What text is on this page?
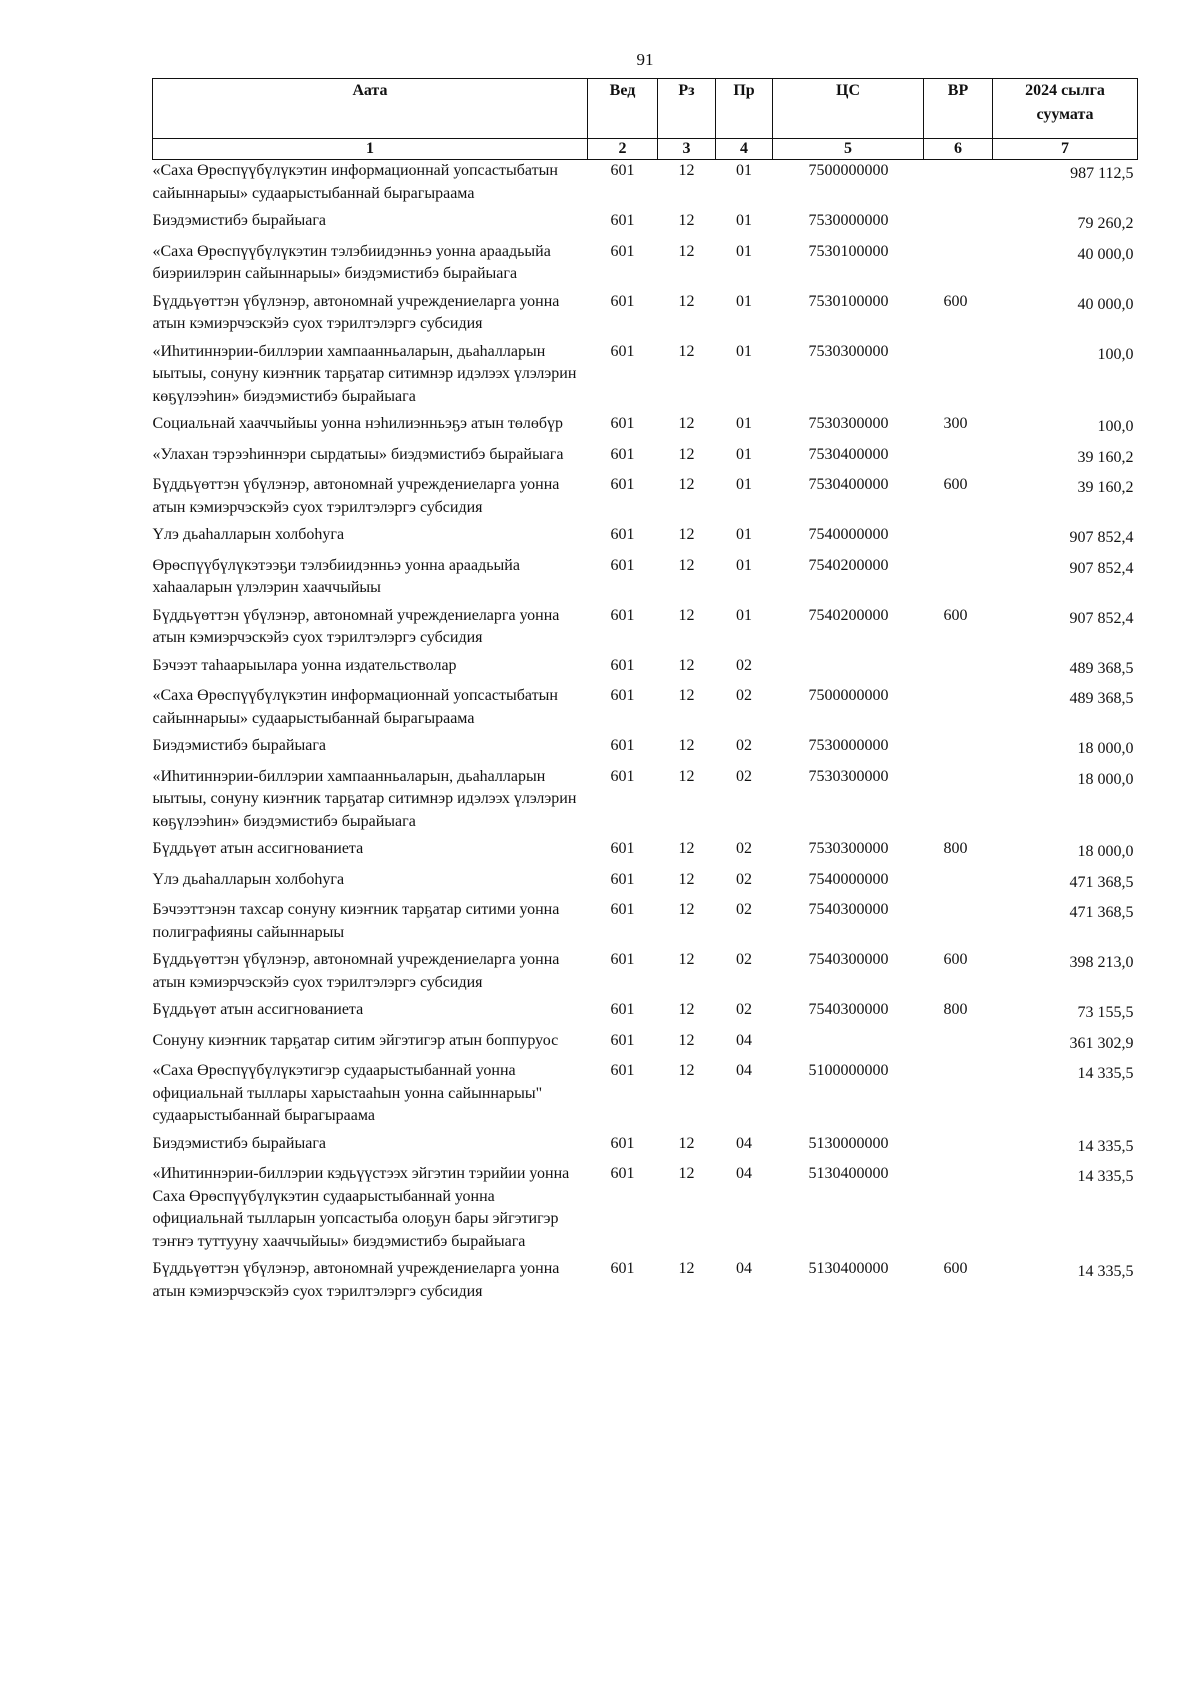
91
Аата	Вед	Рз	Пр	ЦС	ВР	2024 сылга суумата
1	2	3	4	5	6	7
«Саха Өрөспүүбүлүкэтин информационнай уопсастыбатын сайыннарыы» судаарыстыбаннай бырагыраама	601	12	01	7500000000		987 112,5
Биэдэмистибэ бырайыага	601	12	01	7530000000		79 260,2
«Саха Өрөспүүбүлүкэтин тэлэбиидэнньэ уонна араадьыйа биэриилэрин сайыннарыы» биэдэмистибэ бырайыага	601	12	01	7530100000		40 000,0
Бүддьүөттэн үбүлэнэр, автономнай учреждениеларга уонна атын кэмиэрчэскэйэ суох тэрилтэлэргэ субсидия	601	12	01	7530100000	600	40 000,0
«Иһитиннэрии-биллэрии хампаанньаларын, дьаһалларын ыытыы, сонуну киэҥник тарҕатар ситимнэр идэлээх үлэлэрин көҕүлээһин» биэдэмистибэ бырайыага	601	12	01	7530300000		100,0
Социальнай хааччыйыы уонна нэһилиэнньэҕэ атын төлөбүр	601	12	01	7530300000	300	100,0
«Улахан тэрээһиннэри сырдатыы» биэдэмистибэ бырайыага	601	12	01	7530400000		39 160,2
Бүддьүөттэн үбүлэнэр, автономнай учреждениеларга уонна атын кэмиэрчэскэйэ суох тэрилтэлэргэ субсидия	601	12	01	7530400000	600	39 160,2
Үлэ дьаһалларын холбоһуга	601	12	01	7540000000		907 852,4
Өрөспүүбүлүкэтээҕи тэлэбиидэнньэ уонна араадьыйа хаһааларын үлэлэрин хааччыйыы	601	12	01	7540200000		907 852,4
Бүддьүөттэн үбүлэнэр, автономнай учреждениеларга уонна атын кэмиэрчэскэйэ суох тэрилтэлэргэ субсидия	601	12	01	7540200000	600	907 852,4
Бэчээт таһаарыылара уонна издательстволар	601	12	02			489 368,5
«Саха Өрөспүүбүлүкэтин информационнай уопсастыбатын сайыннарыы» судаарыстыбаннай бырагыраама	601	12	02	7500000000		489 368,5
Биэдэмистибэ бырайыага	601	12	02	7530000000		18 000,0
«Иһитиннэрии-биллэрии хампаанньаларын, дьаһалларын ыытыы, сонуну киэҥник тарҕатар ситимнэр идэлээх үлэлэрин көҕүлээһин» биэдэмистибэ бырайыага	601	12	02	7530300000		18 000,0
Бүддьүөт атын ассигнованиета	601	12	02	7530300000	800	18 000,0
Үлэ дьаһалларын холбоһуга	601	12	02	7540000000		471 368,5
Бэчээттэнэн тахсар сонуну киэҥник тарҕатар ситими уонна полиграфияны сайыннарыы	601	12	02	7540300000		471 368,5
Бүддьүөттэн үбүлэнэр, автономнай учреждениеларга уонна атын кэмиэрчэскэйэ суох тэрилтэлэргэ субсидия	601	12	02	7540300000	600	398 213,0
Бүддьүөт атын ассигнованиета	601	12	02	7540300000	800	73 155,5
Сонуну киэҥник тарҕатар ситим эйгэтигэр атын боппуруос	601	12	04			361 302,9
«Саха Өрөспүүбүлүкэтигэр судаарыстыбаннай уонна официальнай тыллары харыстааһын уонна сайыннарыы" судаарыстыбаннай бырагыраама	601	12	04	5100000000		14 335,5
Биэдэмистибэ бырайыага	601	12	04	5130000000		14 335,5
«Иһитиннэрии-биллэрии кэдьүүстээх эйгэтин тэрийии уонна Саха Өрөспүүбүлүкэтин судаарыстыбаннай уонна официальнай тылларын уопсастыба олоҕун бары эйгэтигэр тэҥҥэ туттууну хааччыйыы» биэдэмистибэ бырайыага	601	12	04	5130400000		14 335,5
Бүддьүөттэн үбүлэнэр, автономнай учреждениеларга уонна атын кэмиэрчэскэйэ суох тэрилтэлэргэ субсидия	601	12	04	5130400000	600	14 335,5
